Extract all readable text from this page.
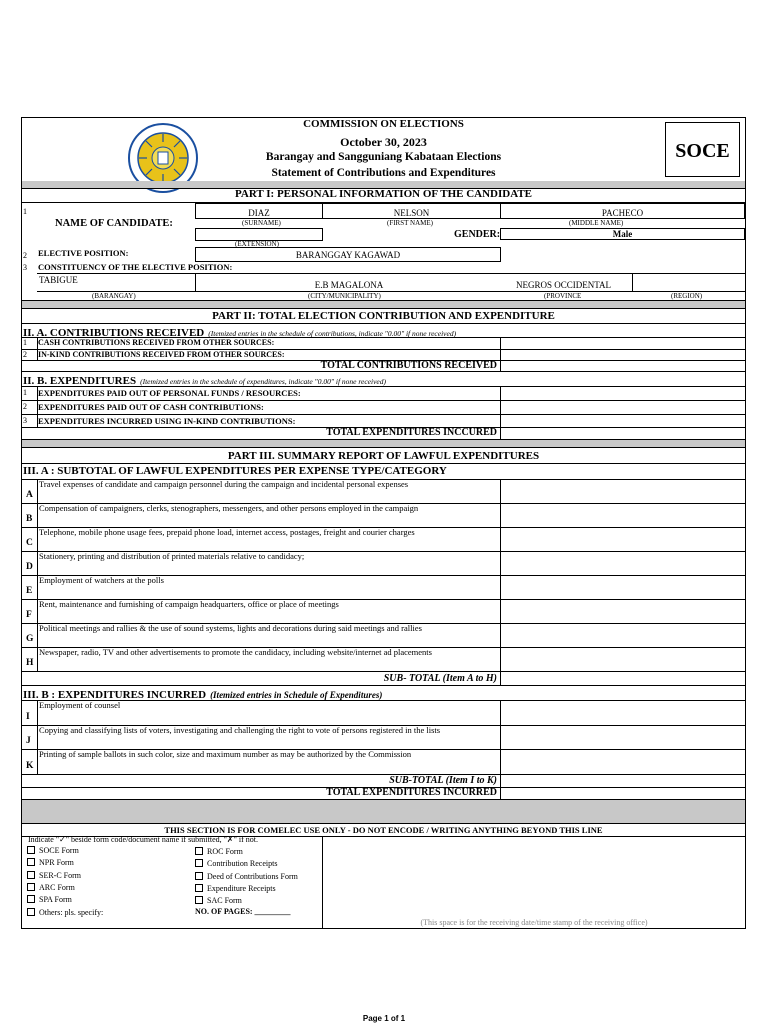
COMMISSION ON ELECTIONS
October 30, 2023
Barangay and Sangguniang Kabataan Elections
Statement of Contributions and Expenditures
SOCE
PART I: PERSONAL INFORMATION OF THE CANDIDATE
1
NAME OF CANDIDATE:
DIAZ	NELSON	PACHECO
(SURNAME)	(FIRST NAME)	(MIDDLE NAME)
(EXTENSION)
GENDER:	Male
2 ELECTIVE POSITION:	BARANGGAY KAGAWAD
3 CONSTITUENCY OF THE ELECTIVE POSITION:
TABIGUE	E.B MAGALONA	NEGROS OCCIDENTAL
(BARANGAY)	(CITY/MUNICIPALITY)	(PROVINCE	(REGION)
PART II: TOTAL ELECTION CONTRIBUTION AND EXPENDITURE
II. A. CONTRIBUTIONS RECEIVED (Itemized entries in the schedule of contributions, indicate "0.00" if none received)
1 CASH CONTRIBUTIONS RECEIVED FROM OTHER SOURCES:
2 IN-KIND CONTRIBUTIONS RECEIVED FROM OTHER SOURCES:
TOTAL CONTRIBUTIONS RECEIVED
II. B. EXPENDITURES (Itemized entries in the schedule of expenditures, indicate "0.00" if none received)
1 EXPENDITURES PAID OUT OF PERSONAL FUNDS / RESOURCES:
2 EXPENDITURES PAID OUT OF CASH CONTRIBUTIONS:
3 EXPENDITURES INCURRED USING IN-KIND CONTRIBUTIONS:
TOTAL EXPENDITURES INCCURED
PART III. SUMMARY REPORT OF LAWFUL EXPENDITURES
III. A : SUBTOTAL OF LAWFUL EXPENDITURES PER EXPENSE TYPE/CATEGORY
A
Travel expenses of candidate and campaign personnel during the campaign and incidental personal expenses
B
Compensation of campaigners, clerks, stenographers, messengers, and other persons employed in the campaign
C
Telephone, mobile phone usage fees, prepaid phone load, internet access, postages, freight and courier charges
D
Stationery, printing and distribution of printed materials relative to candidacy;
E
Employment of watchers at the polls
F
Rent, maintenance and furnishing of campaign headquarters, office or place of meetings
G
Political meetings and rallies & the use of sound systems, lights and decorations during said meetings and rallies
H
Newspaper, radio, TV and other advertisements to promote the candidacy, including website/internet ad placements
SUB- TOTAL (Item A to H)
III. B : EXPENDITURES INCURRED (Itemized entries in Schedule of Expenditures)
I
Employment of counsel
J
Copying and classifying lists of voters, investigating and challenging the right to vote of persons registered in the lists
K
Printing of sample ballots in such color, size and maximum number as may be authorized by the Commission
SUB-TOTAL (Item I to K)
TOTAL EXPENDITURES INCURRED
THIS SECTION IS FOR COMELEC USE ONLY - DO NOT ENCODE / WRITING ANYTHING BEYOND THIS LINE
Indicate "✓" beside form code/document name if submitted, "✗" if not.
SOCE Form
NPR Form
SER-C Form
ARC Form
SPA Form
Others: pls. specify:
ROC Form
Contribution Receipts
Deed of Contributions Form
Expenditure Receipts
SAC Form
NO. OF PAGES: _________
(This space is for the receiving date/time stamp of the receiving office)
Page 1 of 1
